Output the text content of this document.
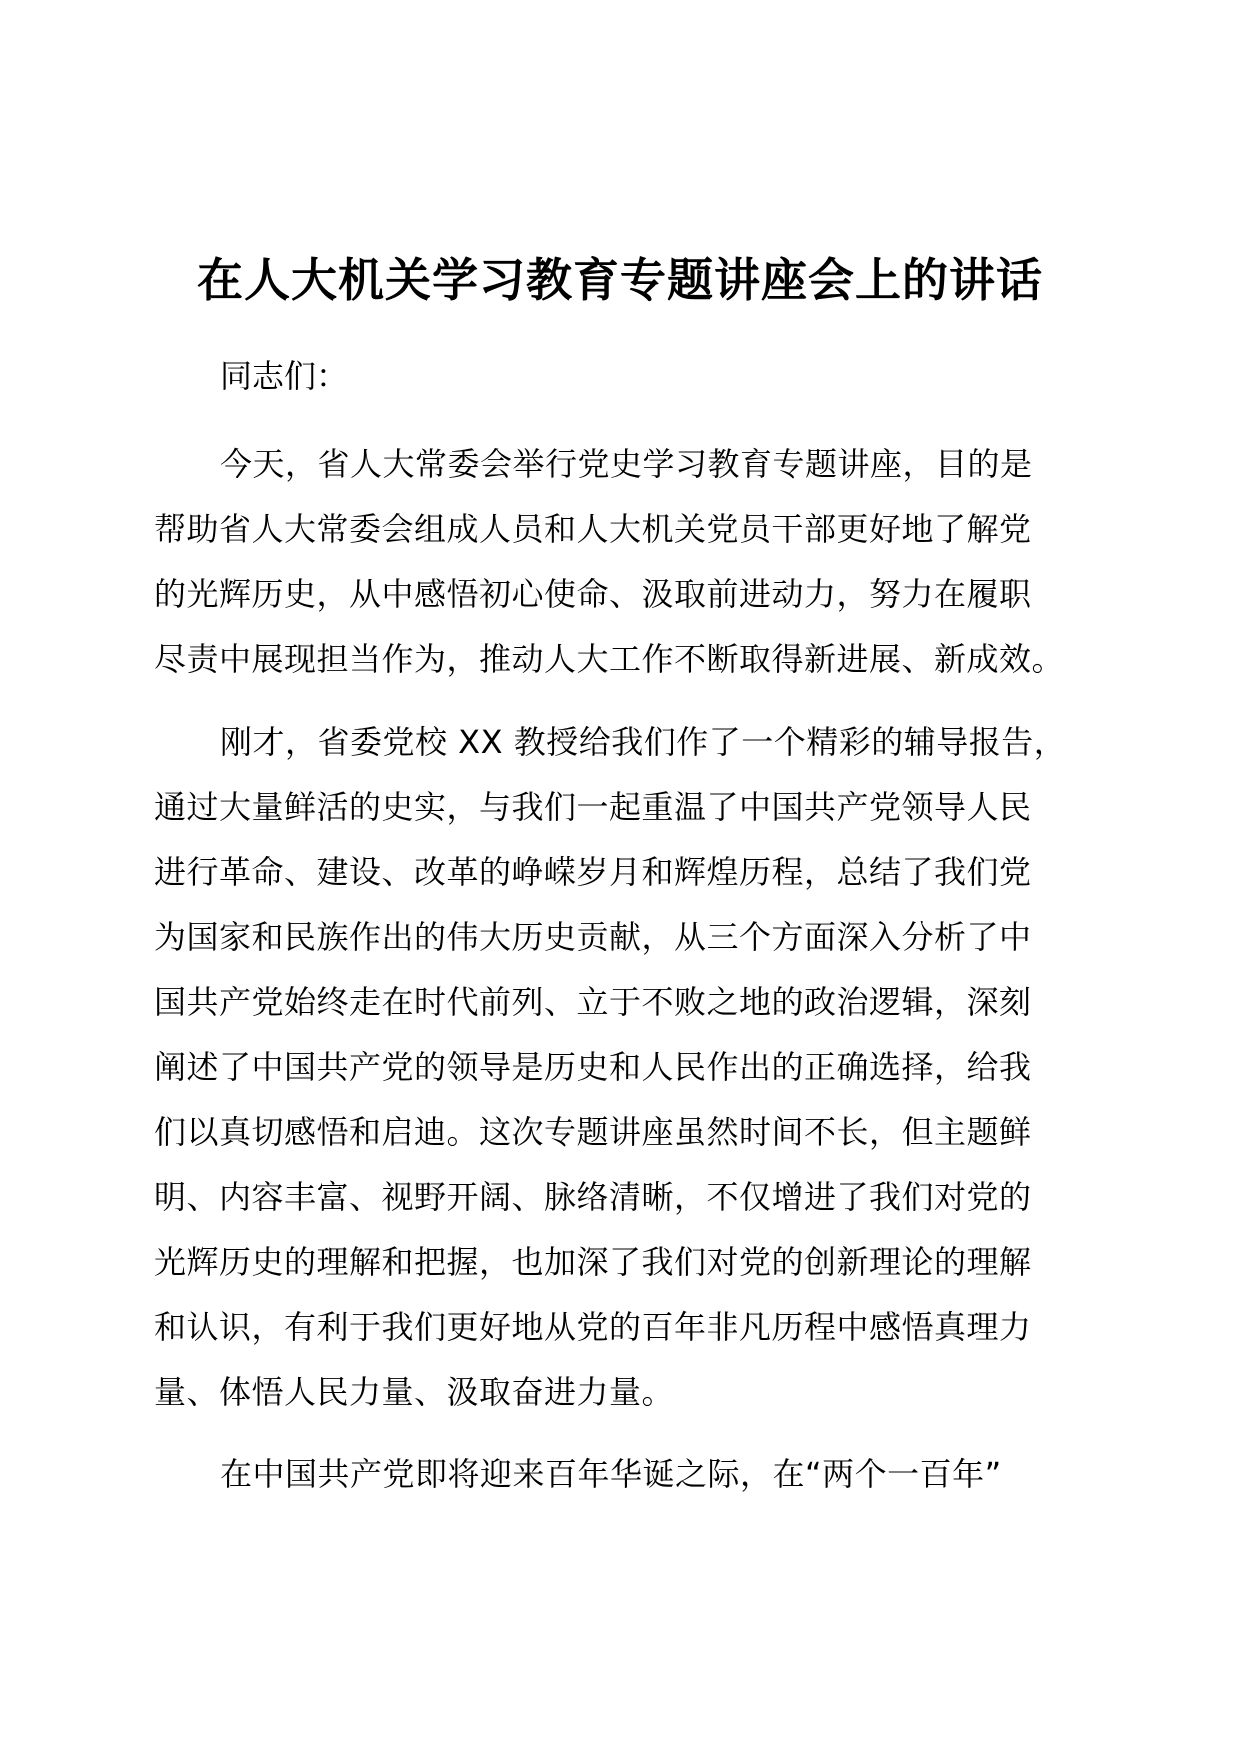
在人大机关学习教育专题讲座会上的讲话
同志们：
今天，省人大常委会举行党史学习教育专题讲座，目的是
帮助省人大常委会组成人员和人大机关党员干部更好地了解党
的光辉历史，从中感悟初心使命、汲取前进动力，努力在履职
尽责中展现担当作为，推动人大工作不断取得新进展、新成效。
刚才，省委党校 XX 教授给我们作了一个精彩的辅导报告，
通过大量鲜活的史实，与我们一起重温了中国共产党领导人民
进行革命、建设、改革的峥嵘岁月和辉煌历程，总结了我们党
为国家和民族作出的伟大历史贡献，从三个方面深入分析了中
国共产党始终走在时代前列、立于不败之地的政治逻辑，深刻
阐述了中国共产党的领导是历史和人民作出的正确选择，给我
们以真切感悟和启迪。这次专题讲座虽然时间不长，但主题鲜
明、内容丰富、视野开阔、脉络清晰，不仅增进了我们对党的
光辉历史的理解和把握，也加深了我们对党的创新理论的理解
和认识，有利于我们更好地从党的百年非凡历程中感悟真理力
量、体悟人民力量、汲取奋进力量。
在中国共产党即将迎来百年华诞之际，在“两个一百年”
